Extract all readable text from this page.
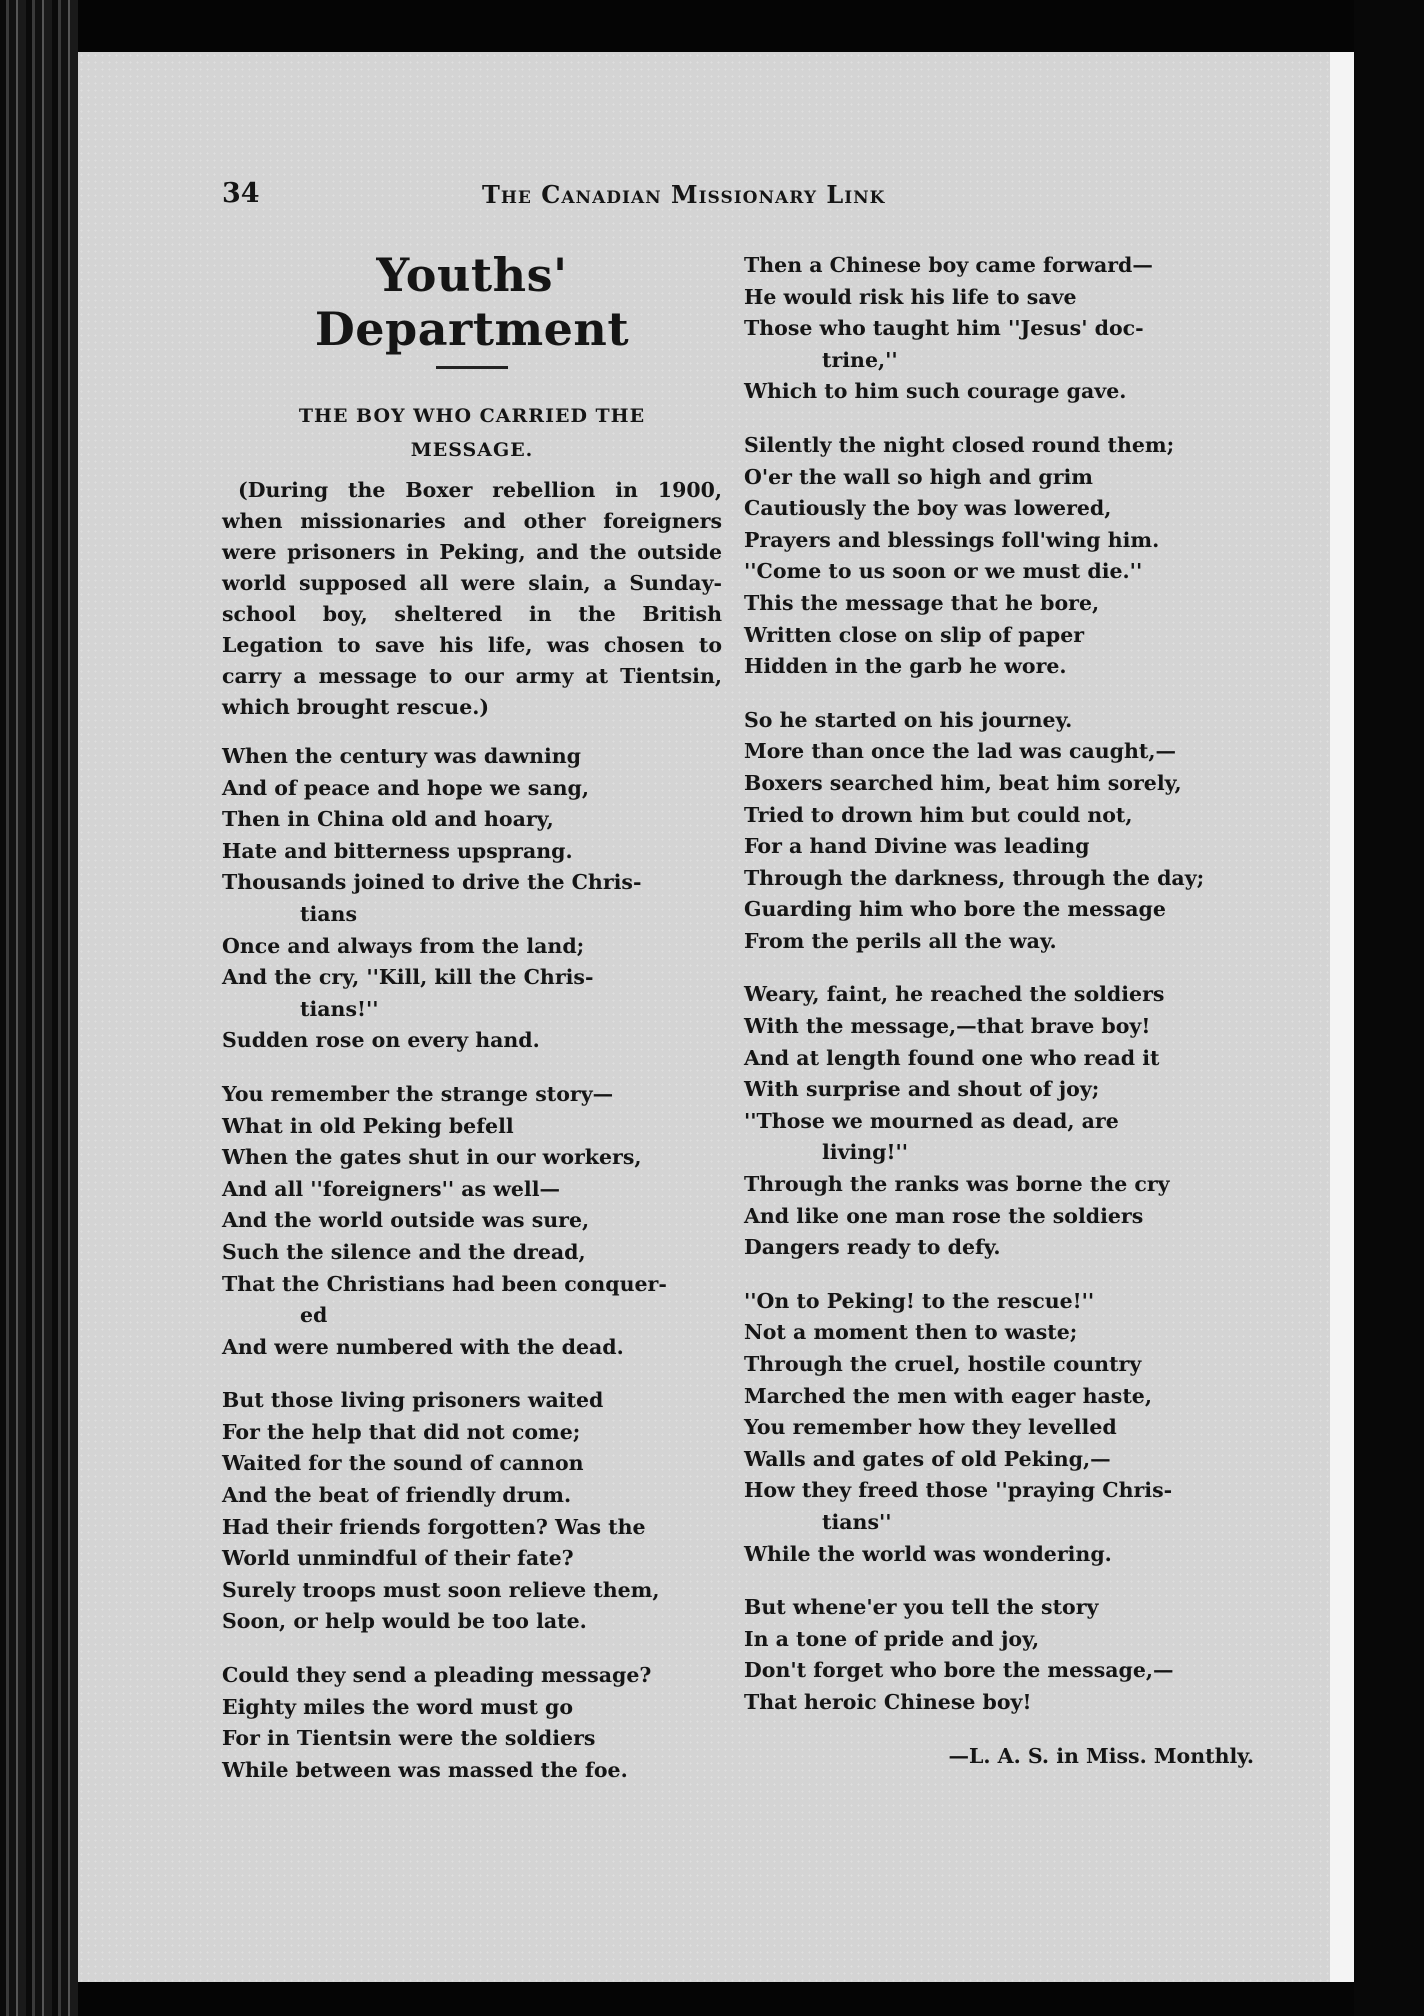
34	The Canadian Missionary Link
Youths' Department
THE BOY WHO CARRIED THE
MESSAGE.
(During the Boxer rebellion in 1900, when missionaries and other foreigners were prisoners in Peking, and the outside world supposed all were slain, a Sunday-school boy, sheltered in the British Legation to save his life, was chosen to carry a message to our army at Tientsin, which brought rescue.)
When the century was dawning
And of peace and hope we sang,
Then in China old and hoary,
Hate and bitterness upsprang.
Thousands joined to drive the Chris-
tians
Once and always from the land;
And the cry, ''Kill, kill the Chris-
tians!''
Sudden rose on every hand.
You remember the strange story—
What in old Peking befell
When the gates shut in our workers,
And all ''foreigners'' as well—
And the world outside was sure,
Such the silence and the dread,
That the Christians had been conquer-
ed
And were numbered with the dead.
But those living prisoners waited
For the help that did not come;
Waited for the sound of cannon
And the beat of friendly drum.
Had their friends forgotten? Was the
World unmindful of their fate?
Surely troops must soon relieve them,
Soon, or help would be too late.
Could they send a pleading message?
Eighty miles the word must go
For in Tientsin were the soldiers
While between was massed the foe.
Then a Chinese boy came forward—
He would risk his life to save
Those who taught him ''Jesus' doc-
trine,''
Which to him such courage gave.
Silently the night closed round them;
O'er the wall so high and grim
Cautiously the boy was lowered,
Prayers and blessings foll'wing him.
''Come to us soon or we must die.''
This the message that he bore,
Written close on slip of paper
Hidden in the garb he wore.
So he started on his journey.
More than once the lad was caught,—
Boxers searched him, beat him sorely,
Tried to drown him but could not,
For a hand Divine was leading
Through the darkness, through the day;
Guarding him who bore the message
From the perils all the way.
Weary, faint, he reached the soldiers
With the message,—that brave boy!
And at length found one who read it
With surprise and shout of joy;
''Those we mourned as dead, are
living!''
Through the ranks was borne the cry
And like one man rose the soldiers
Dangers ready to defy.
''On to Peking! to the rescue!''
Not a moment then to waste;
Through the cruel, hostile country
Marched the men with eager haste,
You remember how they levelled
Walls and gates of old Peking,—
How they freed those ''praying Chris-
tians''
While the world was wondering.
But whene'er you tell the story
In a tone of pride and joy,
Don't forget who bore the message,—
That heroic Chinese boy!
—L. A. S. in Miss. Monthly.
